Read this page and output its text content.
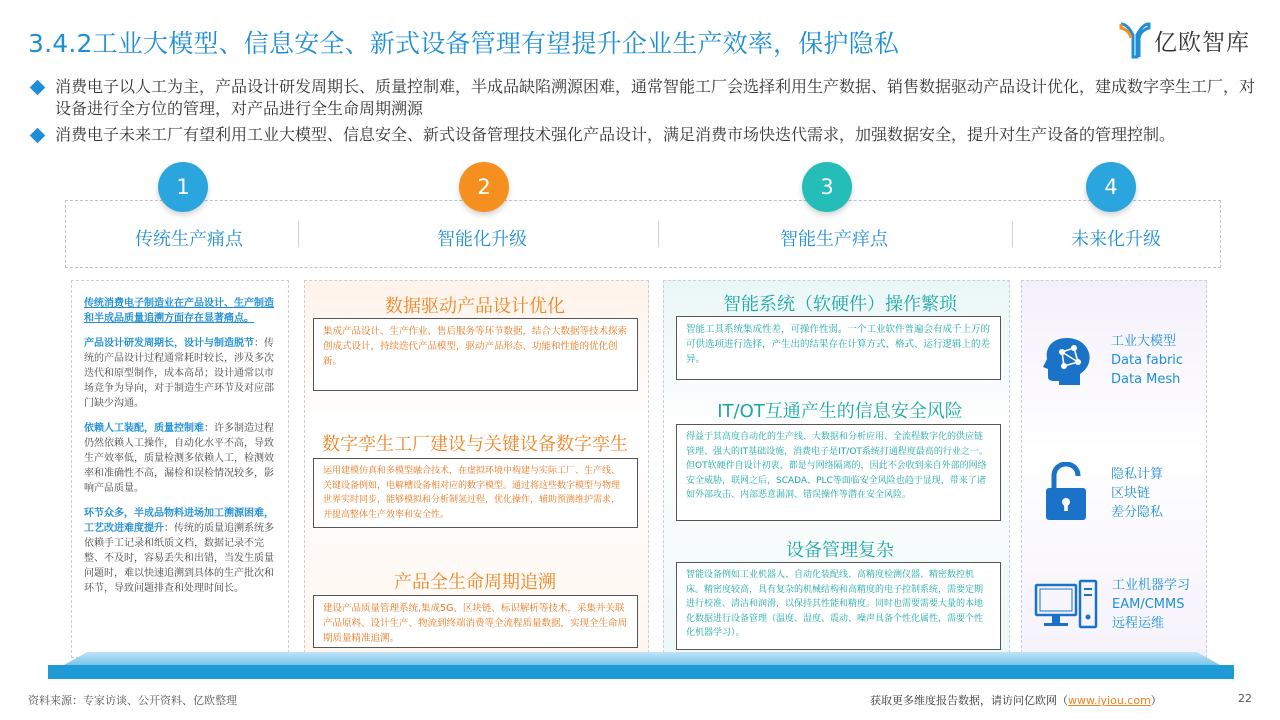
3.4.2工业大模型、信息安全、新式设备管理有望提升企业生产效率，保护隐私	亿欧智库
消费电子以人工为主，产品设计研发周期长、质量控制难，半成品缺陷溯源困难，通常智能工厂会选择利用生产数据、销售数据驱动产品设计优化，建成数字孪生工厂，对设备进行全方位的管理，对产品进行全生命周期溯源
消费电子未来工厂有望利用工业大模型、信息安全、新式设备管理技术强化产品设计，满足消费市场快迭代需求，加强数据安全，提升对生产设备的管理控制。
传统生产痛点	智能化升级	智能生产痒点	未来化升级
1	2	3	4

传统消费电子制造业在产品设计、生产制造和半成品质量追溯方面存在显著痛点。

产品设计研发周期长，设计与制造脱节：传统的产品设计过程通常耗时较长，涉及多次迭代和原型制作，成本高昂；设计通常以市场竞争为导向，对于制造生产环节及对应部门缺少沟通。

依赖人工装配，质量控制难：许多制造过程仍然依赖人工操作，自动化水平不高，导致生产效率低，质量检测多依赖人工，检测效率和准确性不高，漏检和误检情况较多，影响产品质量。

环节众多，半成品物料进场加工溯源困难，工艺改进难度提升：传统的质量追溯系统多依赖手工记录和纸质文档，数据记录不完整、不及时，容易丢失和出错，当发生质量问题时，难以快速追溯到具体的生产批次和环节，导致问题排查和处理时间长。

数据驱动产品设计优化
集成产品设计、生产作业、售后服务等环节数据，结合大数据等技术探索创成式设计，持续迭代产品模型，驱动产品形态、功能和性能的优化创新。
数字孪生工厂建设与关键设备数字孪生
运用建模仿真和多模型融合技术，在虚拟环境中构建与实际工厂、生产线、关键设备例如，电解槽设备相对应的数字模型。通过将这些数字模型与物理世界实时同步，能够模拟和分析制氢过程，优化操作，辅助预测维护需求，并提高整体生产效率和安全性。
产品全生命周期追溯
建设产品质量管理系统,集成5G、区块链、标识解析等技术，采集并关联产品原料、设计生产、物流到终端消费等全流程质量数据，实现全生命周期质量精准追溯。
智能系统（软硬件）操作繁琐
智能工具系统集成性差，可操作性弱。一个工业软件普遍会有成千上万的可供选项进行选择，产生出的结果存在计算方式、格式、运行逻辑上的差异。
IT/OT互通产生的信息安全风险
得益于其高度自动化的生产线、大数据和分析应用、全流程数字化的供应链管理、强大的IT基础设施，消费电子是IT/OT系统打通程度最高的行业之一。但OT软硬件自设计初衷，都是与网络隔离的，因此不会收到来自外部的网络安全威胁，联网之后，SCADA、PLC等面临安全风险也趋于显现，带来了诸如外部攻击、内部恶意漏洞、错误操作等潜在安全风险。
设备管理复杂
智能设备例如工业机器人、自动化装配线、高精度检测仪器、精密数控机床。精密度较高，具有复杂的机械结构和高精度的电子控制系统，需要定期进行校准、清洁和润滑，以保持其性能和精度。同时也需要需要大量的本地化数据进行设备管理（温度、湿度、震动、噪声具备个性化属性，需要个性化机器学习）。
工业大模型
Data fabric
Data Mesh
隐私计算
区块链
差分隐私
工业机器学习
EAM/CMMS
远程运维
资料来源：专家访谈、公开资料、亿欧整理	获取更多维度报告数据，请访问亿欧网（www.iyiou.com）	22
